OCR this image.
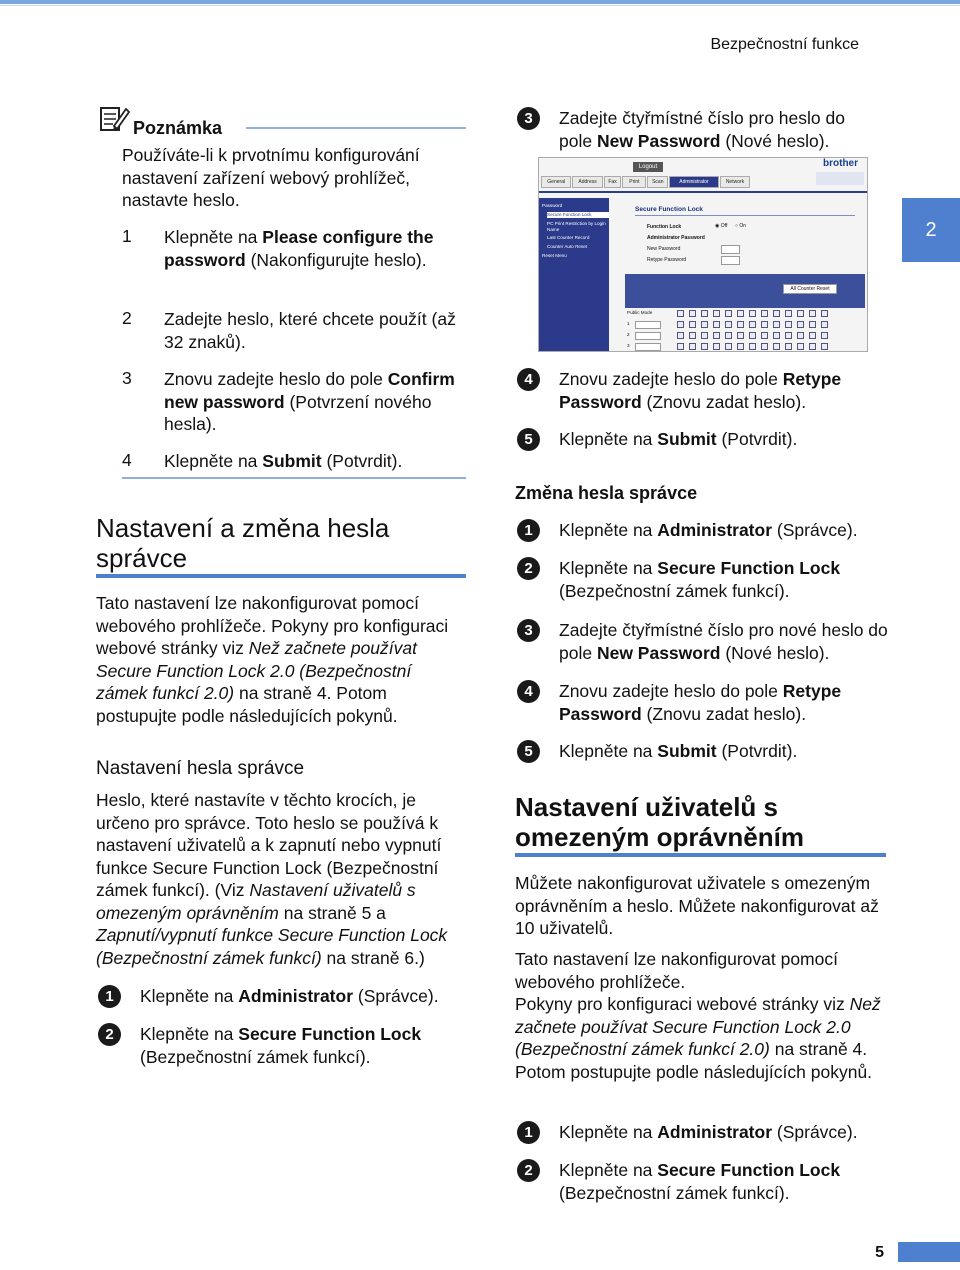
Bezpečnostní funkce
2
Poznámka
Používáte-li k prvotnímu konfigurování nastavení zařízení webový prohlížeč, nastavte heslo.
1 Klepněte na Please configure the password (Nakonfigurujte heslo).
2 Zadejte heslo, které chcete použít (až 32 znaků).
3 Znovu zadejte heslo do pole Confirm new password (Potvrzení nového hesla).
4 Klepněte na Submit (Potvrdit).
Nastavení a změna hesla správce
Tato nastavení lze nakonfigurovat pomocí webového prohlížeče. Pokyny pro konfiguraci webové stránky viz Než začnete používat Secure Function Lock 2.0 (Bezpečnostní zámek funkcí 2.0) na straně 4. Potom postupujte podle následujících pokynů.
Nastavení hesla správce
Heslo, které nastavíte v těchto krocích, je určeno pro správce. Toto heslo se používá k nastavení uživatelů a k zapnutí nebo vypnutí funkce Secure Function Lock (Bezpečnostní zámek funkcí). (Viz Nastavení uživatelů s omezeným oprávněním na straně 5 a Zapnutí/vypnutí funkce Secure Function Lock (Bezpečnostní zámek funkcí) na straně 6.)
1	Klepněte na Administrator (Správce).
2	Klepněte na Secure Function Lock (Bezpečnostní zámek funkcí).
3	Zadejte čtyřmístné číslo pro heslo do pole New Password (Nové heslo).
Logout	brother
General	Address	Fax	Print	Scan	Administrator	Network
Password
Secure Function Lock
PC Print Restriction by Login Name
Last Counter Record
Counter Auto Reset
Reset Menu
Secure Function Lock
Function Lock
Administrator Password
New Password
Retype Password
◉ Off ○ On
All Counter Reset
Public Mode
1
2
3
4	Znovu zadejte heslo do pole Retype Password (Znovu zadat heslo).
5	Klepněte na Submit (Potvrdit).
Změna hesla správce
1	Klepněte na Administrator (Správce).
2	Klepněte na Secure Function Lock (Bezpečnostní zámek funkcí).
3	Zadejte čtyřmístné číslo pro nové heslo do pole New Password (Nové heslo).
4	Znovu zadejte heslo do pole Retype Password (Znovu zadat heslo).
5	Klepněte na Submit (Potvrdit).
Nastavení uživatelů s omezeným oprávněním
Můžete nakonfigurovat uživatele s omezeným oprávněním a heslo. Můžete nakonfigurovat až 10 uživatelů.
Tato nastavení lze nakonfigurovat pomocí webového prohlížeče.
Pokyny pro konfiguraci webové stránky viz Než začnete používat Secure Function Lock 2.0 (Bezpečnostní zámek funkcí 2.0) na straně 4. Potom postupujte podle následujících pokynů.
1	Klepněte na Administrator (Správce).
2	Klepněte na Secure Function Lock (Bezpečnostní zámek funkcí).
5
